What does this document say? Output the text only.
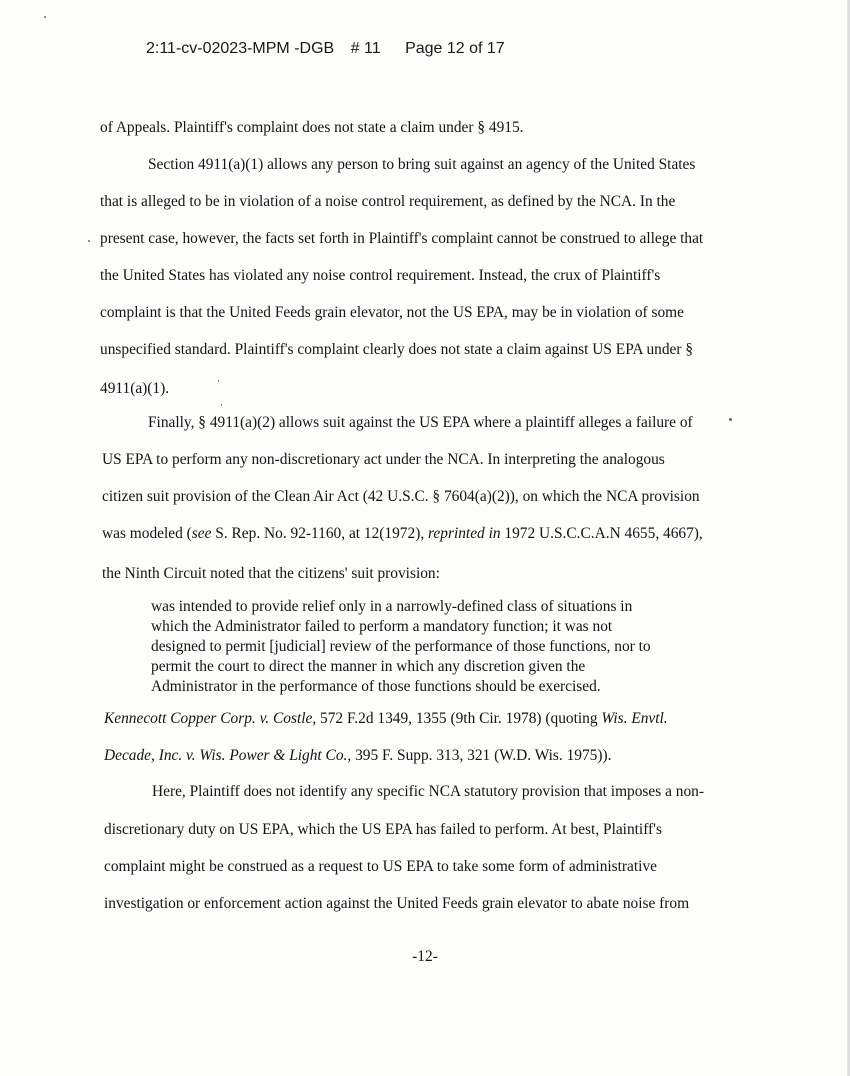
2:11-cv-02023-MPM -DGB # 11 Page 12 of 17
of Appeals. Plaintiff's complaint does not state a claim under § 4915.
Section 4911(a)(1) allows any person to bring suit against an agency of the United States
that is alleged to be in violation of a noise control requirement, as defined by the NCA. In the
present case, however, the facts set forth in Plaintiff's complaint cannot be construed to allege that
the United States has violated any noise control requirement. Instead, the crux of Plaintiff's
complaint is that the United Feeds grain elevator, not the US EPA, may be in violation of some
unspecified standard. Plaintiff's complaint clearly does not state a claim against US EPA under §
4911(a)(1).
Finally, § 4911(a)(2) allows suit against the US EPA where a plaintiff alleges a failure of
US EPA to perform any non-discretionary act under the NCA. In interpreting the analogous
citizen suit provision of the Clean Air Act (42 U.S.C. § 7604(a)(2)), on which the NCA provision
was modeled (see S. Rep. No. 92-1160, at 12(1972), reprinted in 1972 U.S.C.C.A.N 4655, 4667),
the Ninth Circuit noted that the citizens' suit provision:
was intended to provide relief only in a narrowly-defined class of situations in
which the Administrator failed to perform a mandatory function; it was not
designed to permit [judicial] review of the performance of those functions, nor to
permit the court to direct the manner in which any discretion given the
Administrator in the performance of those functions should be exercised.
Kennecott Copper Corp. v. Costle, 572 F.2d 1349, 1355 (9th Cir. 1978) (quoting Wis. Envtl.
Decade, Inc. v. Wis. Power & Light Co., 395 F. Supp. 313, 321 (W.D. Wis. 1975)).
Here, Plaintiff does not identify any specific NCA statutory provision that imposes a non-
discretionary duty on US EPA, which the US EPA has failed to perform. At best, Plaintiff's
complaint might be construed as a request to US EPA to take some form of administrative
investigation or enforcement action against the United Feeds grain elevator to abate noise from
-12-
